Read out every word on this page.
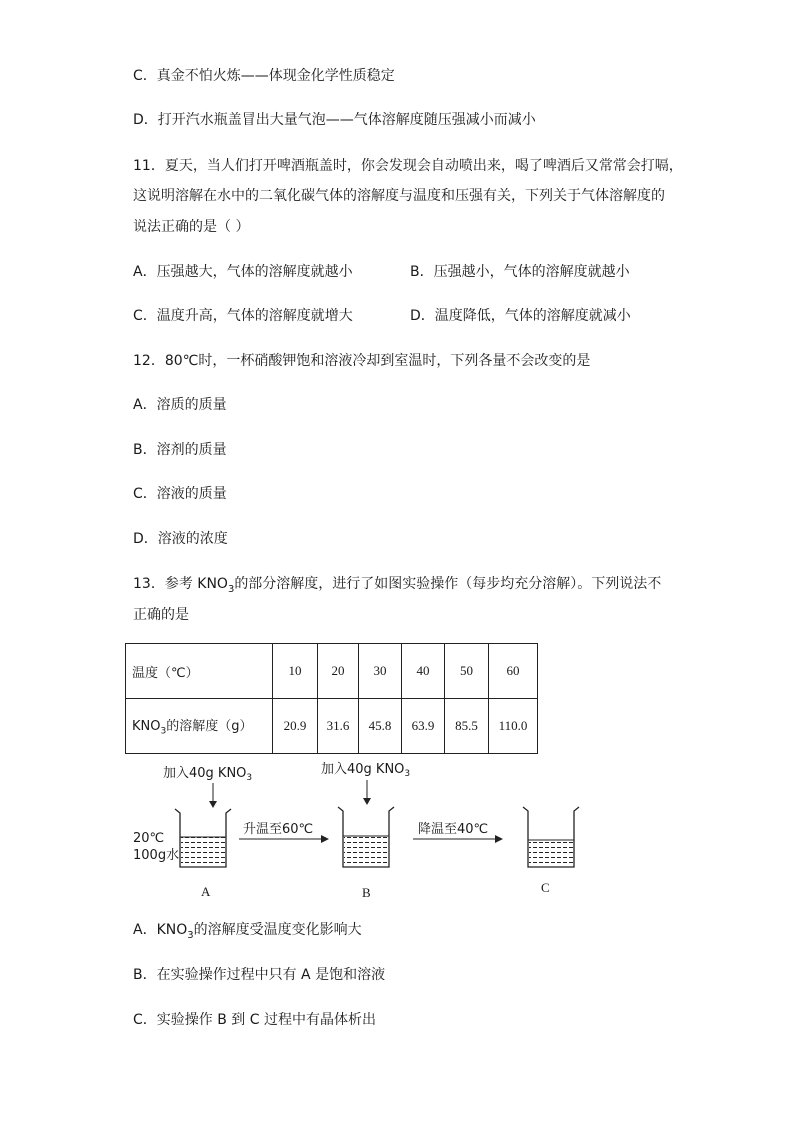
C．真金不怕火炼——体现金化学性质稳定
D．打开汽水瓶盖冒出大量气泡——气体溶解度随压强减小而减小
11．夏天，当人们打开啤酒瓶盖时，你会发现会自动喷出来，喝了啤酒后又常常会打嗝，
这说明溶解在水中的二氧化碳气体的溶解度与温度和压强有关，下列关于气体溶解度的
说法正确的是（ ）
A．压强越大，气体的溶解度就越小	B．压强越小，气体的溶解度就越小
C．温度升高，气体的溶解度就增大	D．温度降低，气体的溶解度就减小
12．80℃时，一杯硝酸钾饱和溶液冷却到室温时，下列各量不会改变的是
A．溶质的质量
B．溶剂的质量
C．溶液的质量
D．溶液的浓度
13．参考 $KNO_3$的部分溶解度，进行了如图实验操作（每步均充分溶解）。下列说法不
正确的是
温度（℃）	10	20	30	40	50	60
$KNO_3$的溶解度（g）	20.9	31.6	45.8	63.9	85.5	110.0
加入40g $KNO_3$
加入40g $KNO_3$
20℃
100g水
升温至60℃	降温至40℃
A	B	C
A．$KNO_3$的溶解度受温度变化影响大
B．在实验操作过程中只有 A 是饱和溶液
C．实验操作 B 到 C 过程中有晶体析出
